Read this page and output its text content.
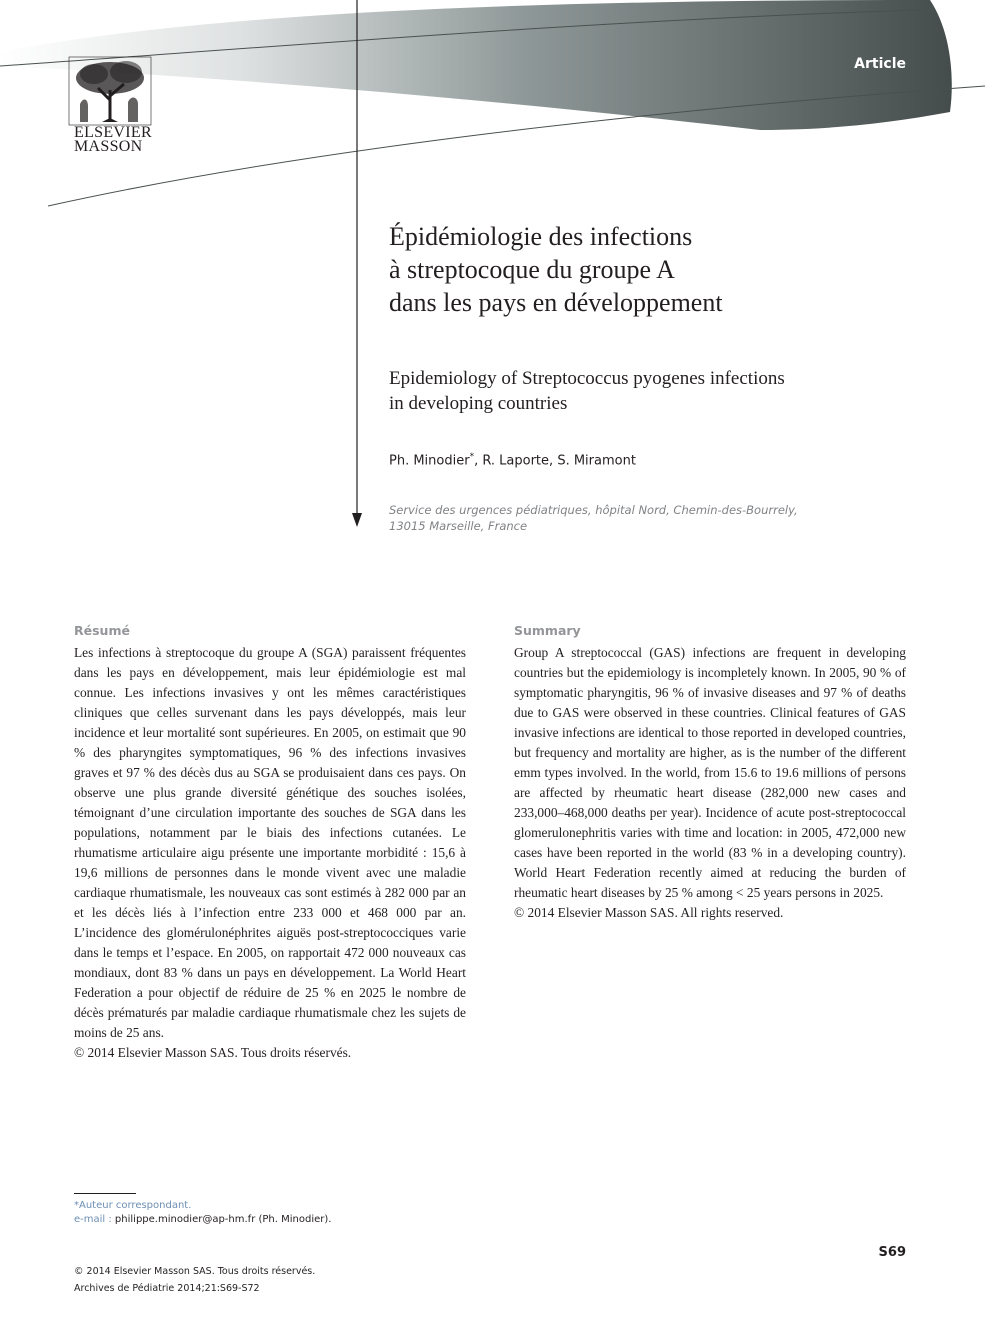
Article
ELSEVIER
MASSON
Épidémiologie des infections
à streptocoque du groupe A
dans les pays en développement
Epidemiology of Streptococcus pyogenes infections
in developing countries
Ph. Minodier*, R. Laporte, S. Miramont
Service des urgences pédiatriques, hôpital Nord, Chemin-des-Bourrely,
13015 Marseille, France
Résumé

Les infections à streptocoque du groupe A (SGA) paraissent fréquentes dans les pays en développement, mais leur épidémiologie est mal connue. Les infections invasives y ont les mêmes caractéristiques cliniques que celles survenant dans les pays développés, mais leur incidence et leur mortalité sont supérieures. En 2005, on estimait que 90 % des pharyngites symptomatiques, 96 % des infections invasives graves et 97 % des décès dus au SGA se produisaient dans ces pays. On observe une plus grande diversité génétique des souches isolées, témoignant d’une circulation importante des souches de SGA dans les populations, notamment par le biais des infections cutanées. Le rhumatisme articulaire aigu présente une importante morbidité : 15,6 à 19,6 millions de personnes dans le monde vivent avec une maladie cardiaque rhumatismale, les nouveaux cas sont estimés à 282 000 par an et les décès liés à l’infection entre 233 000 et 468 000 par an. L’incidence des glomérulonéphrites aiguës post-streptococciques varie dans le temps et l’espace. En 2005, on rapportait 472 000 nouveaux cas mondiaux, dont 83 % dans un pays en développement. La World Heart Federation a pour objectif de réduire de 25 % en 2025 le nombre de décès prématurés par maladie cardiaque rhumatismale chez les sujets de moins de 25 ans.

© 2014 Elsevier Masson SAS. Tous droits réservés.

Summary

Group A streptococcal (GAS) infections are frequent in developing countries but the epidemiology is incompletely known. In 2005, 90 % of symptomatic pharyngitis, 96 % of invasive diseases and 97 % of deaths due to GAS were observed in these countries. Clinical features of GAS invasive infections are identical to those reported in developed countries, but frequency and mortality are higher, as is the number of the different emm types involved. In the world, from 15.6 to 19.6 millions of persons are affected by rheumatic heart disease (282,000 new cases and 233,000–468,000 deaths per year). Incidence of acute post-streptococcal glomerulonephritis varies with time and location: in 2005, 472,000 new cases have been reported in the world (83 % in a developing country). World Heart Federation recently aimed at reducing the burden of rheumatic heart diseases by 25 % among < 25 years persons in 2025.

© 2014 Elsevier Masson SAS. All rights reserved.

*Auteur correspondant.
e-mail : philippe.minodier@ap-hm.fr (Ph. Minodier).
S69
© 2014 Elsevier Masson SAS. Tous droits réservés.
Archives de Pédiatrie 2014;21:S69-S72
